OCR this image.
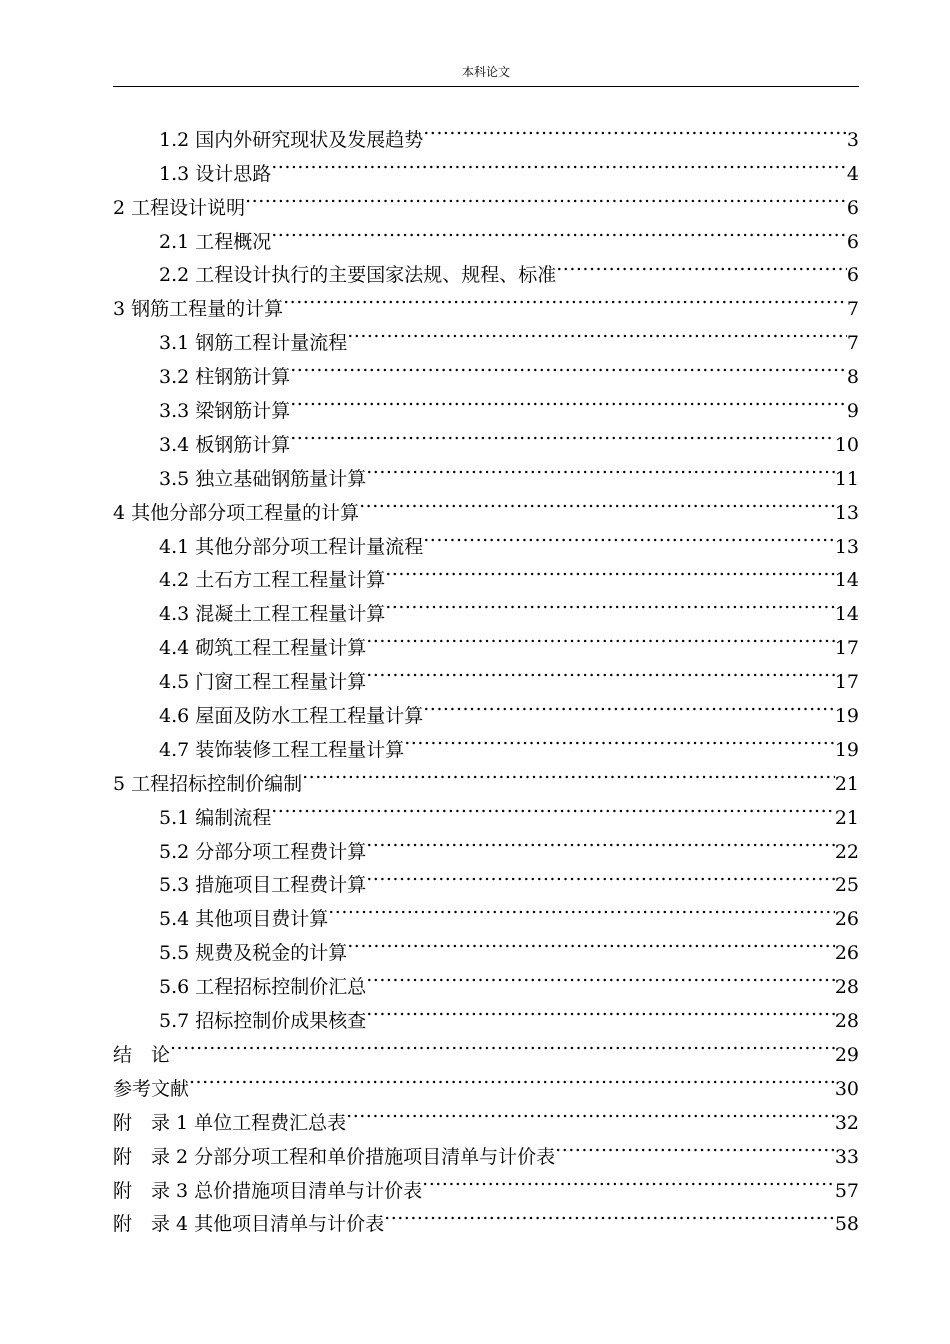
本科论文
1.2 国内外研究现状及发展趋势 .....	3
1.3 设计思路 .....	4
2 工程设计说明 .....	6
2.1 工程概况 .....	6
2.2 工程设计执行的主要国家法规、规程、标准 .....	6
3 钢筋工程量的计算 .....	7
3.1 钢筋工程计量流程 .....	7
3.2 柱钢筋计算 .....	8
3.3 梁钢筋计算 .....	9
3.4 板钢筋计算 .....	10
3.5 独立基础钢筋量计算 .....	11
4 其他分部分项工程量的计算 .....	13
4.1 其他分部分项工程计量流程 .....	13
4.2 土石方工程工程量计算 .....	14
4.3 混凝土工程工程量计算 .....	14
4.4 砌筑工程工程量计算 .....	17
4.5 门窗工程工程量计算 .....	17
4.6 屋面及防水工程工程量计算 .....	19
4.7 装饰装修工程工程量计算 .....	19
5 工程招标控制价编制 .....	21
5.1 编制流程 .....	21
5.2 分部分项工程费计算 .....	22
5.3 措施项目工程费计算 .....	25
5.4 其他项目费计算 .....	26
5.5 规费及税金的计算 .....	26
5.6 工程招标控制价汇总 .....	28
5.7 招标控制价成果核查 .....	28
结　论 .....	29
参考文献 .....	30
附　录 1 单位工程费汇总表 .....	32
附　录 2 分部分项工程和单价措施项目清单与计价表 .....	33
附　录 3 总价措施项目清单与计价表 .....	57
附　录 4 其他项目清单与计价表 .....	58
